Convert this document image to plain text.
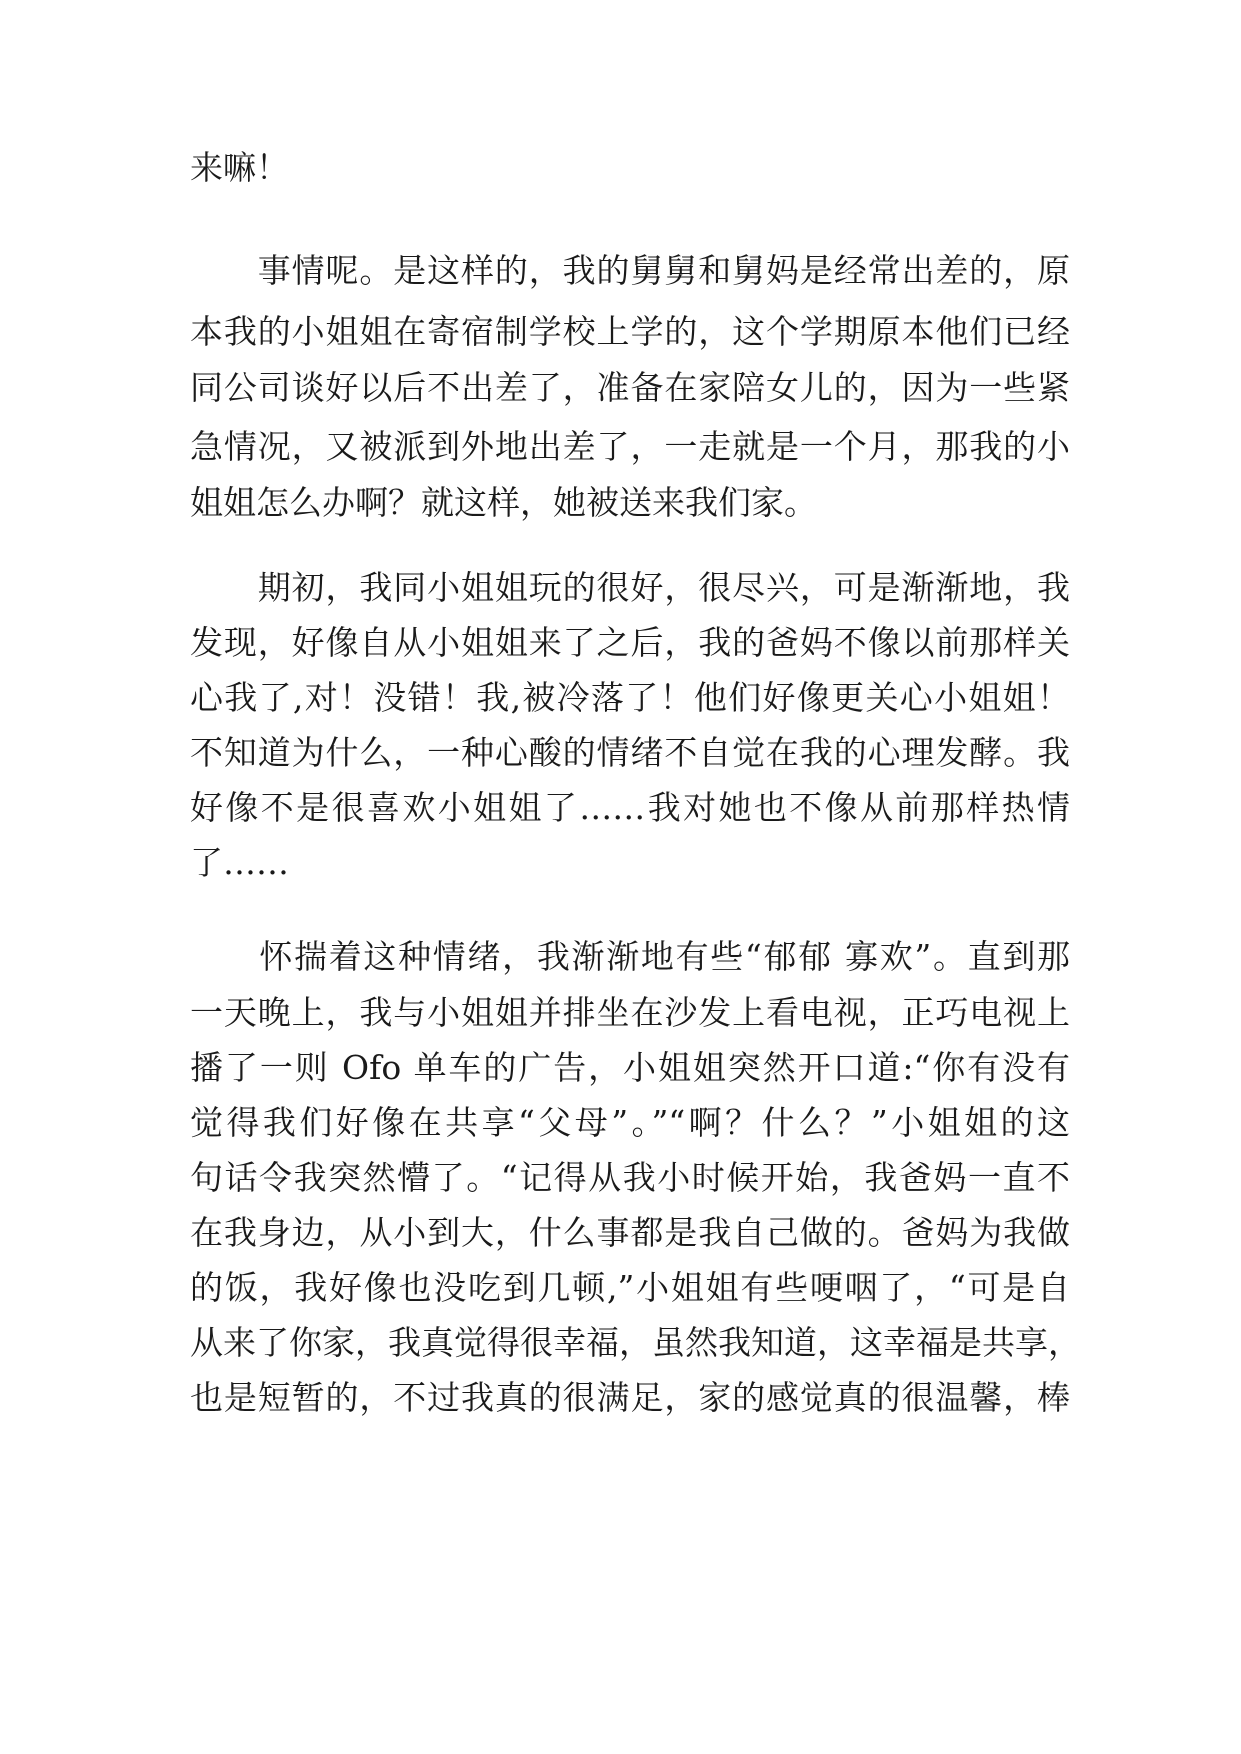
来嘛！
　　事情呢。是这样的，我的舅舅和舅妈是经常出差的，原
本我的小姐姐在寄宿制学校上学的，这个学期原本他们已经
同公司谈好以后不出差了，准备在家陪女儿的，因为一些紧
急情况，又被派到外地出差了，一走就是一个月，那我的小
姐姐怎么办啊？就这样，她被送来我们家。
　　期初，我同小姐姐玩的很好，很尽兴，可是渐渐地，我
发现，好像自从小姐姐来了之后，我的爸妈不像以前那样关
心我了,对！没错！我,被冷落了！他们好像更关心小姐姐！
不知道为什么，一种心酸的情绪不自觉在我的心理发酵。我
好像不是很喜欢小姐姐了……我对她也不像从前那样热情
了……
　　怀揣着这种情绪，我渐渐地有些“郁郁 寡欢”。直到那
一天晚上，我与小姐姐并排坐在沙发上看电视，正巧电视上
播了一则 Ofo 单车的广告，小姐姐突然开口道:“你有没有
觉得我们好像在共享“父母”。”“啊？什么？”小姐姐的这
句话令我突然懵了。“记得从我小时候开始，我爸妈一直不
在我身边，从小到大，什么事都是我自己做的。爸妈为我做
的饭，我好像也没吃到几顿,”小姐姐有些哽咽了，“可是自
从来了你家，我真觉得很幸福，虽然我知道，这幸福是共享，
也是短暂的，不过我真的很满足，家的感觉真的很温馨，棒
